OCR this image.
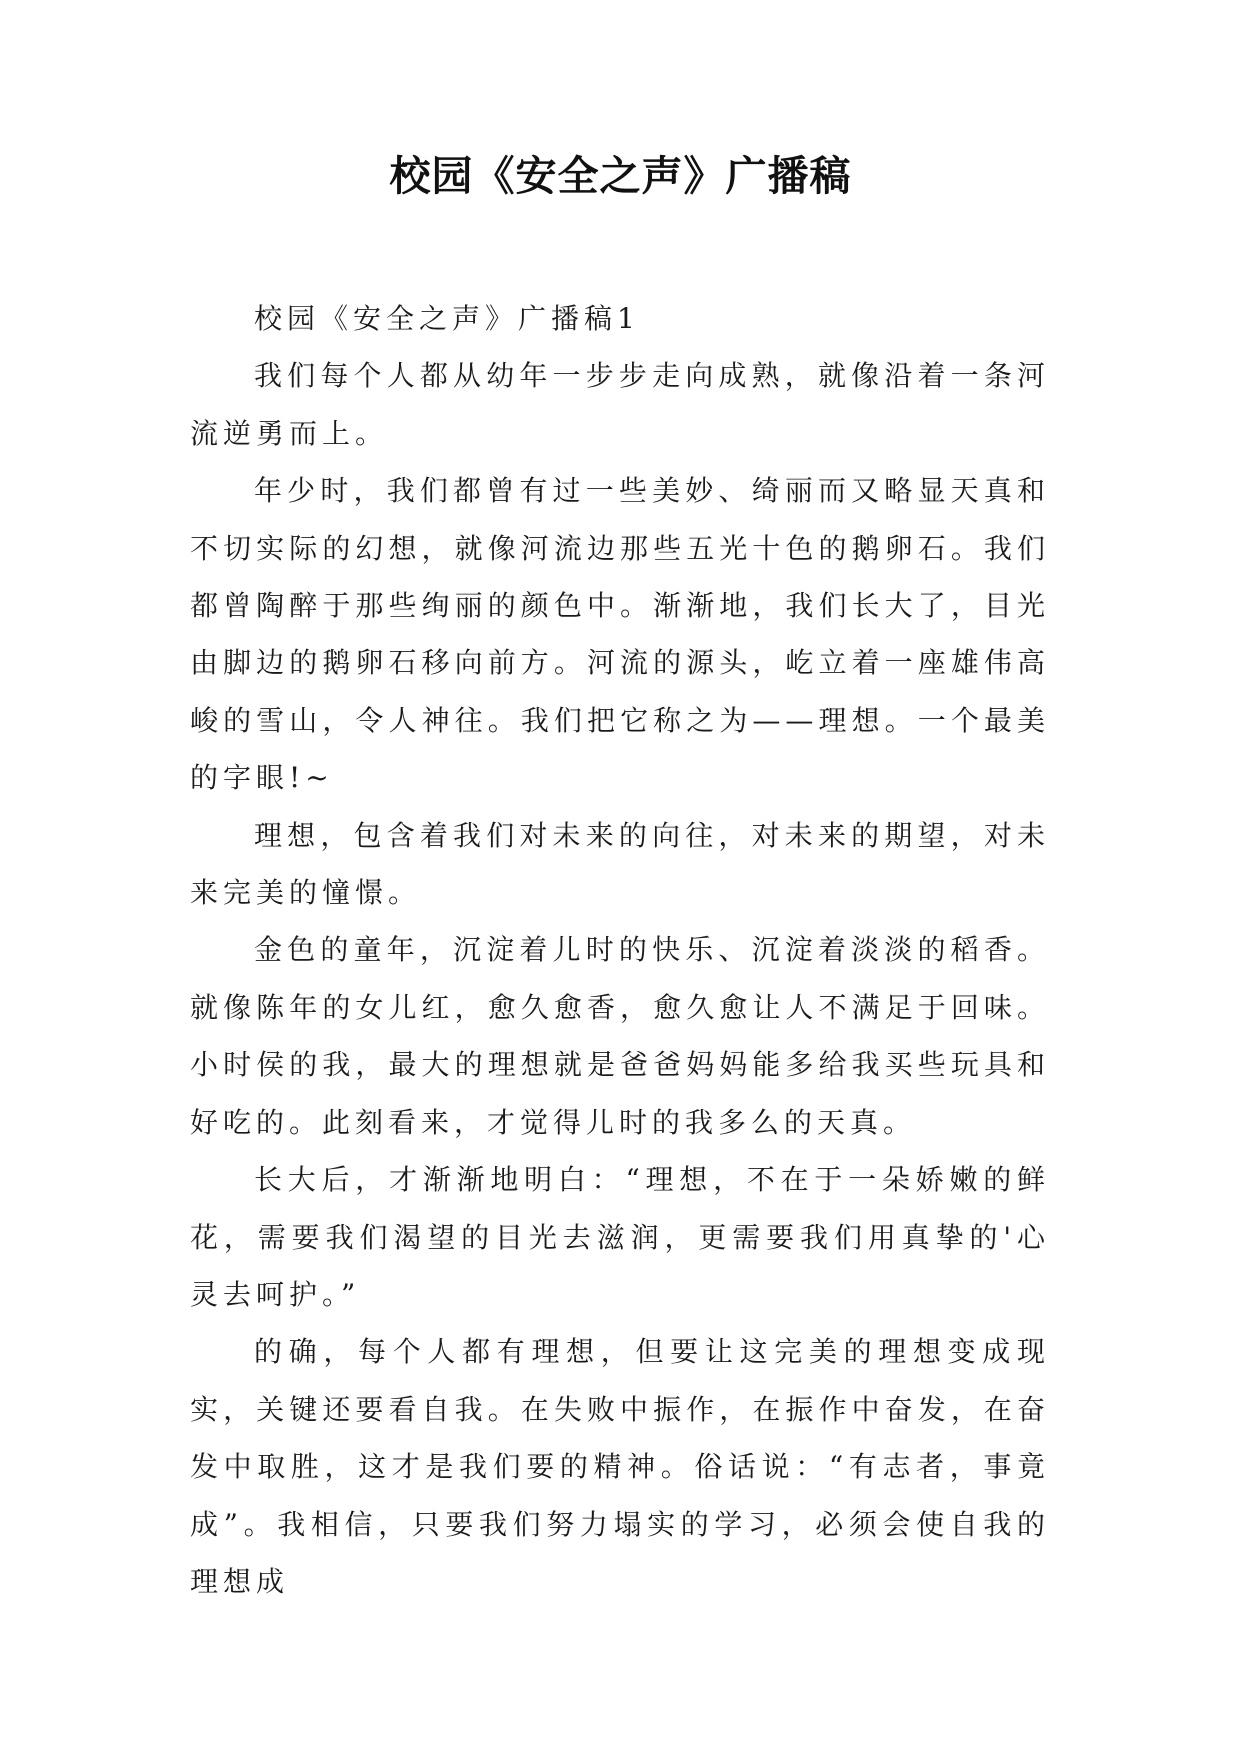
校园《安全之声》广播稿

校园《安全之声》广播稿1

我们每个人都从幼年一步步走向成熟，就像沿着一条河流逆勇而上。

年少时，我们都曾有过一些美妙、绮丽而又略显天真和不切实际的幻想，就像河流边那些五光十色的鹅卵石。我们都曾陶醉于那些绚丽的颜色中。渐渐地，我们长大了，目光由脚边的鹅卵石移向前方。河流的源头，屹立着一座雄伟高峻的雪山，令人神往。我们把它称之为——理想。一个最美的字眼!~

理想，包含着我们对未来的向往，对未来的期望，对未来完美的憧憬。

金色的童年，沉淀着儿时的快乐、沉淀着淡淡的稻香。就像陈年的女儿红，愈久愈香，愈久愈让人不满足于回味。小时侯的我，最大的理想就是爸爸妈妈能多给我买些玩具和好吃的。此刻看来，才觉得儿时的我多么的天真。

长大后，才渐渐地明白：“理想，不在于一朵娇嫩的鲜花，需要我们渴望的目光去滋润，更需要我们用真挚的'心灵去呵护。”

的确，每个人都有理想，但要让这完美的理想变成现实，关键还要看自我。在失败中振作，在振作中奋发，在奋发中取胜，这才是我们要的精神。俗话说：“有志者，事竟成”。我相信，只要我们努力塌实的学习，必须会使自我的理想成
